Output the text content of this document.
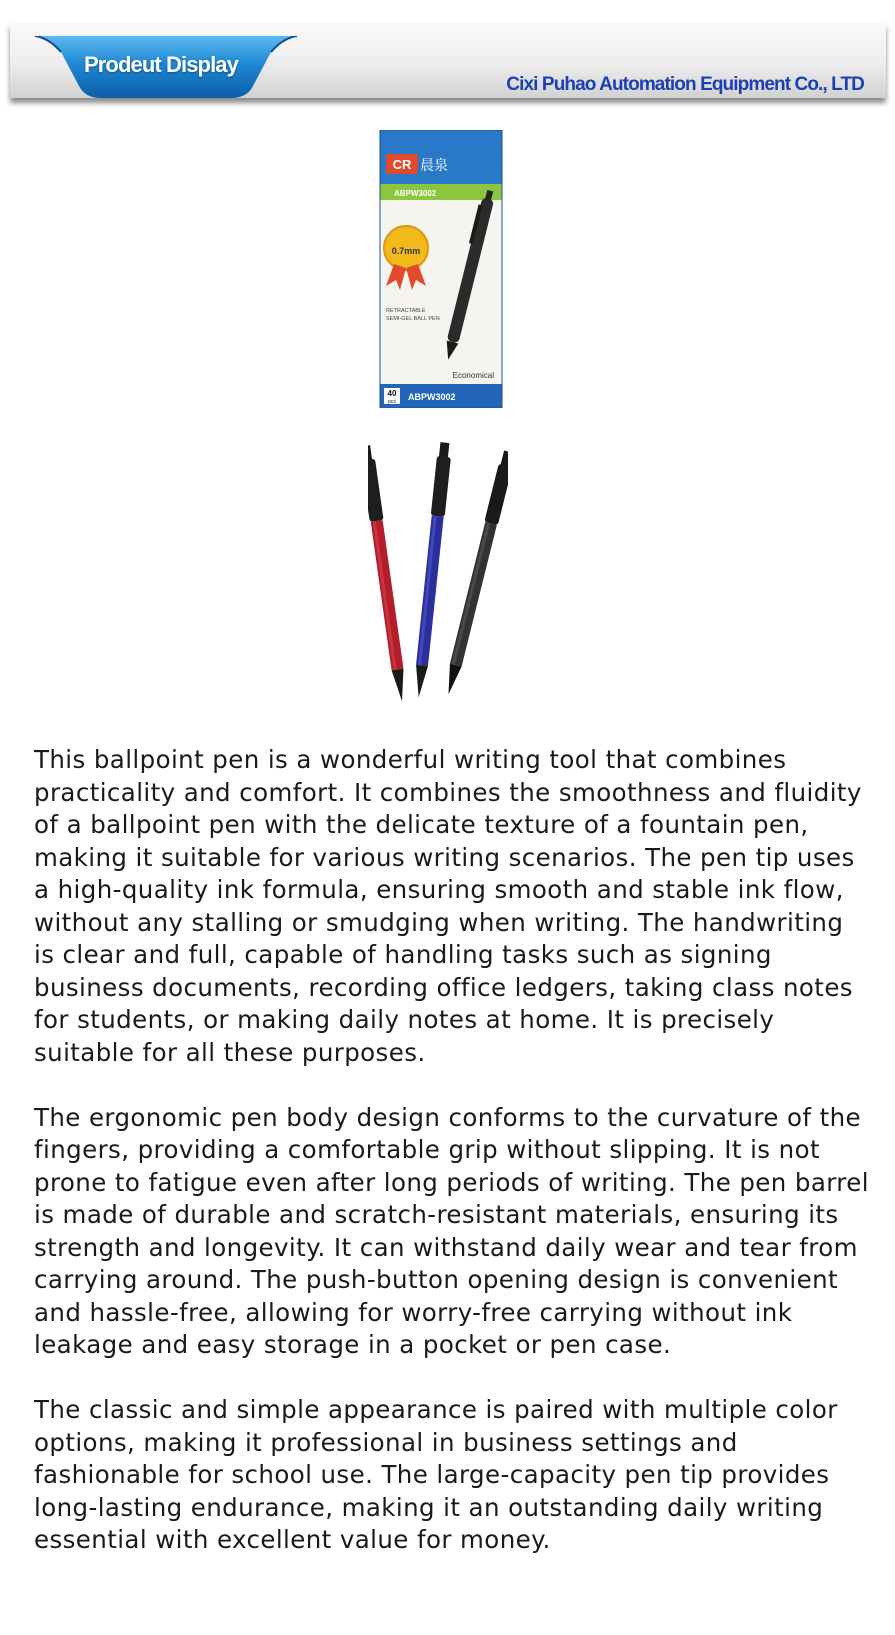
Prodeut Display
Cixi Puhao Automation Equipment Co., LTD
CR 晨泉
ABPW3002
0.7mm
RETRACTABLE
SEMI-GEL BALL PEN
Economical
40
pcs ABPW3002

This ballpoint pen is a wonderful writing tool that combines practicality and comfort. It combines the smoothness and fluidity of a ballpoint pen with the delicate texture of a fountain pen, making it suitable for various writing scenarios. The pen tip uses a high-quality ink formula, ensuring smooth and stable ink flow, without any stalling or smudging when writing. The handwriting is clear and full, capable of handling tasks such as signing business documents, recording office ledgers, taking class notes for students, or making daily notes at home. It is precisely suitable for all these purposes.

The ergonomic pen body design conforms to the curvature of the fingers, providing a comfortable grip without slipping. It is not prone to fatigue even after long periods of writing. The pen barrel is made of durable and scratch-resistant materials, ensuring its strength and longevity. It can withstand daily wear and tear from carrying around. The push-button opening design is convenient and hassle-free, allowing for worry-free carrying without ink leakage and easy storage in a pocket or pen case.

The classic and simple appearance is paired with multiple color options, making it professional in business settings and fashionable for school use. The large-capacity pen tip provides long-lasting endurance, making it an outstanding daily writing essential with excellent value for money.
